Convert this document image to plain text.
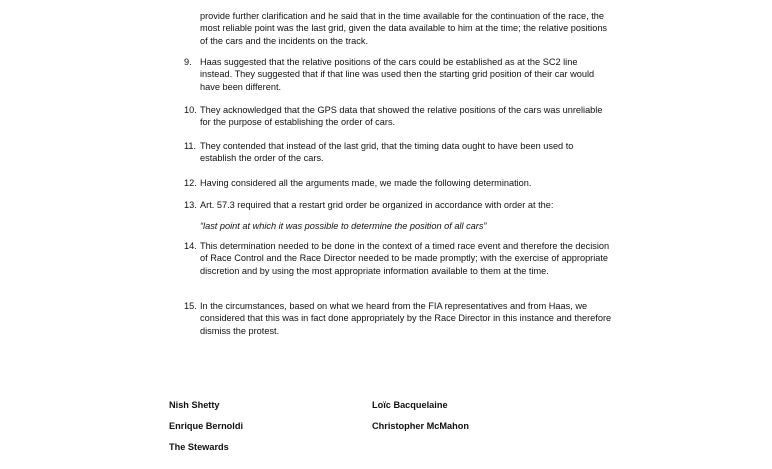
provide further clarification and he said that in the time available for the continuation of the race, the most reliable point was the last grid, given the data available to him at the time; the relative positions of the cars and the incidents on the track.

9. Haas suggested that the relative positions of the cars could be established as at the SC2 line instead. They suggested that if that line was used then the starting grid position of their car would have been different.
10. They acknowledged that the GPS data that showed the relative positions of the cars was unreliable for the purpose of establishing the order of cars.
11. They contended that instead of the last grid, that the timing data ought to have been used to establish the order of the cars.
12. Having considered all the arguments made, we made the following determination.
13. Art. 57.3 required that a restart grid order be organized in accordance with order at the:
“last point at which it was possible to determine the position of all cars”
14. This determination needed to be done in the context of a timed race event and therefore the decision of Race Control and the Race Director needed to be made promptly; with the exercise of appropriate discretion and by using the most appropriate information available to them at the time.
15. In the circumstances, based on what we heard from the FIA representatives and from Haas, we considered that this was in fact done appropriately by the Race Director in this instance and therefore dismiss the protest.
Nish Shetty
Enrique Bernoldi
The Stewards
Loïc Bacquelaine
Christopher McMahon
